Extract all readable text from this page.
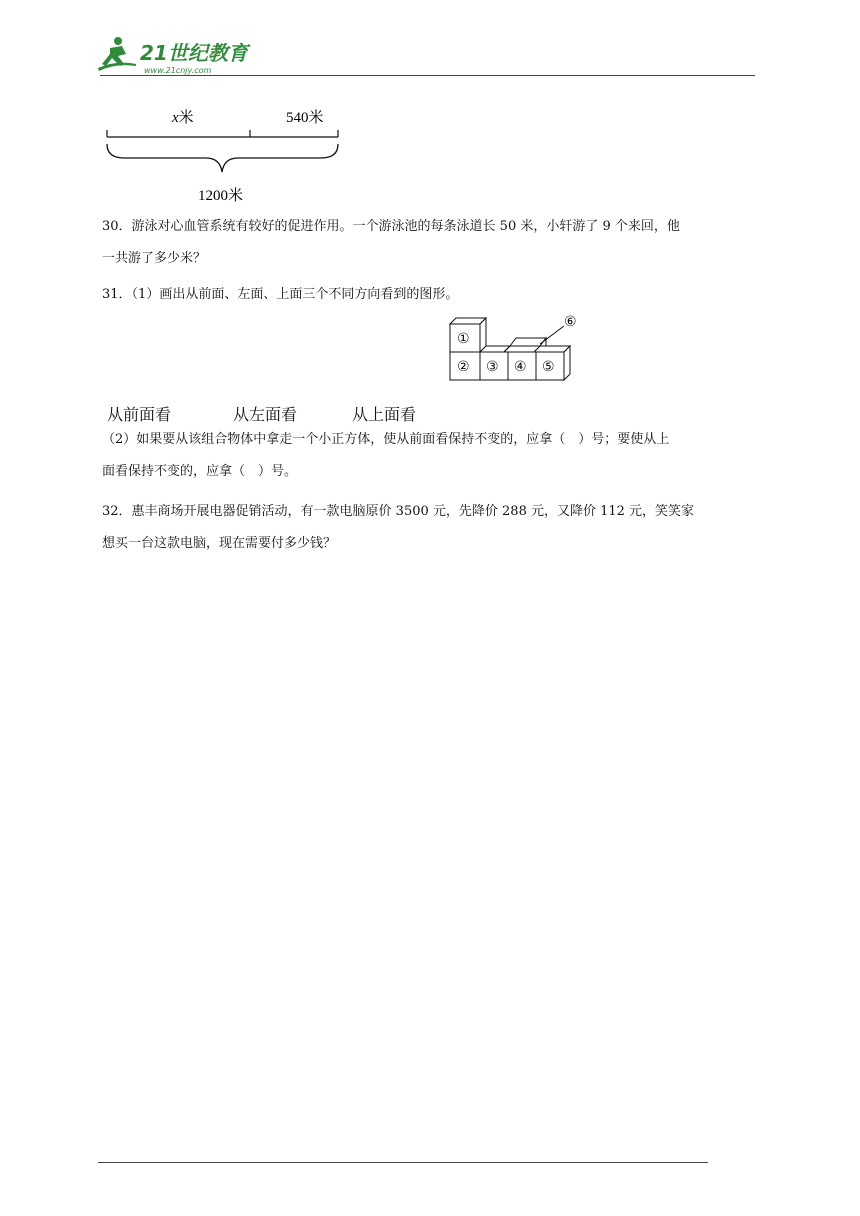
21世纪教育
www.21cnjy.com
x米	540米
1200米
30．游泳对心血管系统有较好的促进作用。一个游泳池的每条泳道长 50 米，小轩游了 9 个来回，他
一共游了多少米？
31．（1）画出从前面、左面、上面三个不同方向看到的图形。
①
② ③ ④ ⑤
⑥
从前面看	从左面看	从上面看
（2）如果要从该组合物体中拿走一个小正方体，使从前面看保持不变的，应拿（　）号；要使从上
面看保持不变的，应拿（　）号。
32．惠丰商场开展电器促销活动，有一款电脑原价 3500 元，先降价 288 元，又降价 112 元，笑笑家
想买一台这款电脑，现在需要付多少钱？
